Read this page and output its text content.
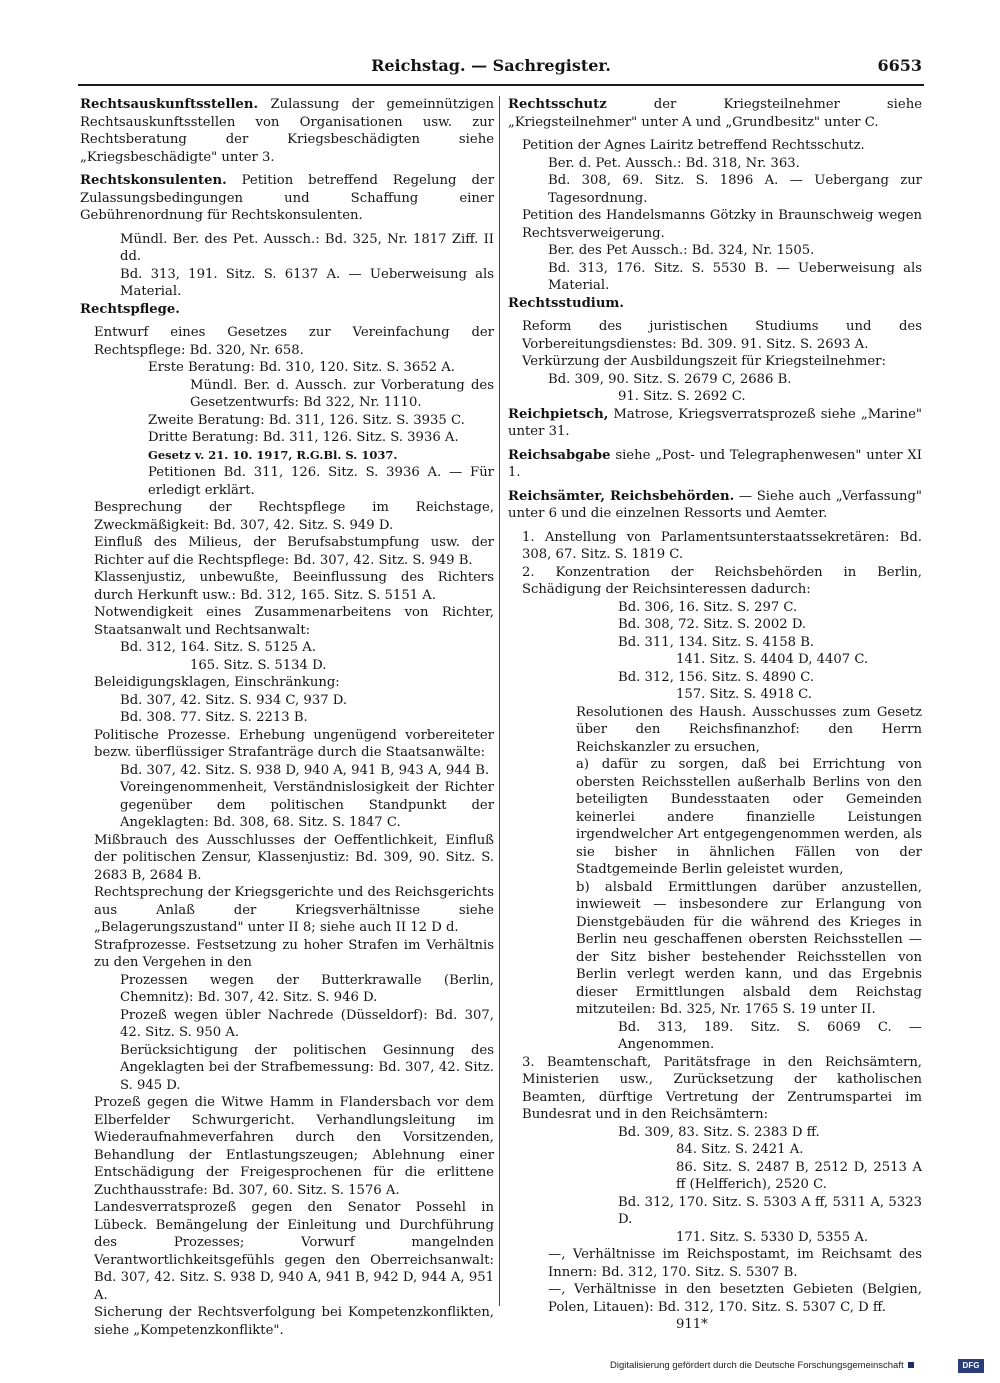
Reichstag. — Sachregister.	6653

Rechtsauskunftsstellen. Zulassung der gemeinnützigen Rechtsauskunftsstellen von Organisationen usw. zur Rechtsberatung der Kriegsbeschädigten siehe „Kriegsbeschädigte" unter 3.

Rechtskonsulenten. Petition betreffend Regelung der Zulassungsbedingungen und Schaffung einer Gebührenordnung für Rechtskonsulenten.

Mündl. Ber. des Pet. Aussch.: Bd. 325, Nr. 1817 Ziff. II dd.

Bd. 313, 191. Sitz. S. 6137 A. — Ueberweisung als Material.

Rechtspflege.

Entwurf eines Gesetzes zur Vereinfachung der Rechtspflege: Bd. 320, Nr. 658.

Erste Beratung: Bd. 310, 120. Sitz. S. 3652 A.

Mündl. Ber. d. Aussch. zur Vorberatung des Gesetzentwurfs: Bd 322, Nr. 1110.

Zweite Beratung: Bd. 311, 126. Sitz. S. 3935 C.

Dritte Beratung: Bd. 311, 126. Sitz. S. 3936 A.

Gesetz v. 21. 10. 1917, R.G.Bl. S. 1037.

Petitionen Bd. 311, 126. Sitz. S. 3936 A. — Für erledigt erklärt.

Besprechung der Rechtspflege im Reichstage, Zweckmäßigkeit: Bd. 307, 42. Sitz. S. 949 D.

Einfluß des Milieus, der Berufsabstumpfung usw. der Richter auf die Rechtspflege: Bd. 307, 42. Sitz. S. 949 B.

Klassenjustiz, unbewußte, Beeinflussung des Richters durch Herkunft usw.: Bd. 312, 165. Sitz. S. 5151 A.

Notwendigkeit eines Zusammenarbeitens von Richter, Staatsanwalt und Rechtsanwalt:

Bd. 312, 164. Sitz. S. 5125 A.

165. Sitz. S. 5134 D.

Beleidigungsklagen, Einschränkung:

Bd. 307, 42. Sitz. S. 934 C, 937 D.

Bd. 308. 77. Sitz. S. 2213 B.

Politische Prozesse. Erhebung ungenügend vorbereiteter bezw. überflüssiger Strafanträge durch die Staatsanwälte:

Bd. 307, 42. Sitz. S. 938 D, 940 A, 941 B, 943 A, 944 B.

Voreingenommenheit, Verständnislosigkeit der Richter gegenüber dem politischen Standpunkt der Angeklagten: Bd. 308, 68. Sitz. S. 1847 C.

Mißbrauch des Ausschlusses der Oeffentlichkeit, Einfluß der politischen Zensur, Klassenjustiz: Bd. 309, 90. Sitz. S. 2683 B, 2684 B.

Rechtsprechung der Kriegsgerichte und des Reichsgerichts aus Anlaß der Kriegsverhältnisse siehe „Belagerungszustand" unter II 8; siehe auch II 12 D d.

Strafprozesse. Festsetzung zu hoher Strafen im Verhältnis zu den Vergehen in den

Prozessen wegen der Butterkrawalle (Berlin, Chemnitz): Bd. 307, 42. Sitz. S. 946 D.

Prozeß wegen übler Nachrede (Düsseldorf): Bd. 307, 42. Sitz. S. 950 A.

Berücksichtigung der politischen Gesinnung des Angeklagten bei der Strafbemessung: Bd. 307, 42. Sitz. S. 945 D.

Prozeß gegen die Witwe Hamm in Flandersbach vor dem Elberfelder Schwurgericht. Verhandlungsleitung im Wiederaufnahmeverfahren durch den Vorsitzenden, Behandlung der Entlastungszeugen; Ablehnung einer Entschädigung der Freigesprochenen für die erlittene Zuchthausstrafe: Bd. 307, 60. Sitz. S. 1576 A.

Landesverratsprozeß gegen den Senator Possehl in Lübeck. Bemängelung der Einleitung und Durchführung des Prozesses; Vorwurf mangelnden Verantwortlichkeitsgefühls gegen den Oberreichsanwalt: Bd. 307, 42. Sitz. S. 938 D, 940 A, 941 B, 942 D, 944 A, 951 A.

Sicherung der Rechtsverfolgung bei Kompetenzkonflikten, siehe „Kompetenzkonflikte".

Rechtsschutz der Kriegsteilnehmer siehe „Kriegsteilnehmer" unter A und „Grundbesitz" unter C.

Petition der Agnes Lairitz betreffend Rechtsschutz.

Ber. d. Pet. Aussch.: Bd. 318, Nr. 363.

Bd. 308, 69. Sitz. S. 1896 A. — Uebergang zur Tagesordnung.

Petition des Handelsmanns Götzky in Braunschweig wegen Rechtsverweigerung.

Ber. des Pet Aussch.: Bd. 324, Nr. 1505.

Bd. 313, 176. Sitz. S. 5530 B. — Ueberweisung als Material.

Rechtsstudium.

Reform des juristischen Studiums und des Vorbereitungsdienstes: Bd. 309. 91. Sitz. S. 2693 A.

Verkürzung der Ausbildungszeit für Kriegsteilnehmer:

Bd. 309, 90. Sitz. S. 2679 C, 2686 B.

91. Sitz. S. 2692 C.

Reichpietsch, Matrose, Kriegsverratsprozeß siehe „Marine" unter 31.

Reichsabgabe siehe „Post- und Telegraphenwesen" unter XI 1.

Reichsämter, Reichsbehörden. — Siehe auch „Verfassung" unter 6 und die einzelnen Ressorts und Aemter.

1. Anstellung von Parlamentsunterstaatssekretären: Bd. 308, 67. Sitz. S. 1819 C.

2. Konzentration der Reichsbehörden in Berlin, Schädigung der Reichsinteressen dadurch:

Bd. 306, 16. Sitz. S. 297 C.

Bd. 308, 72. Sitz. S. 2002 D.

Bd. 311, 134. Sitz. S. 4158 B.

141. Sitz. S. 4404 D, 4407 C.

Bd. 312, 156. Sitz. S. 4890 C.

157. Sitz. S. 4918 C.

Resolutionen des Haush. Ausschusses zum Gesetz über den Reichsfinanzhof: den Herrn Reichskanzler zu ersuchen,

a) dafür zu sorgen, daß bei Errichtung von obersten Reichsstellen außerhalb Berlins von den beteiligten Bundesstaaten oder Gemeinden keinerlei andere finanzielle Leistungen irgendwelcher Art entgegengenommen werden, als sie bisher in ähnlichen Fällen von der Stadtgemeinde Berlin geleistet wurden,

b) alsbald Ermittlungen darüber anzustellen, inwieweit — insbesondere zur Erlangung von Dienstgebäuden für die während des Krieges in Berlin neu geschaffenen obersten Reichsstellen — der Sitz bisher bestehender Reichsstellen von Berlin verlegt werden kann, und das Ergebnis dieser Ermittlungen alsbald dem Reichstag mitzuteilen: Bd. 325, Nr. 1765 S. 19 unter II.

Bd. 313, 189. Sitz. S. 6069 C. — Angenommen.

3. Beamtenschaft, Paritätsfrage in den Reichsämtern, Ministerien usw., Zurücksetzung der katholischen Beamten, dürftige Vertretung der Zentrumspartei im Bundesrat und in den Reichsämtern:

Bd. 309, 83. Sitz. S. 2383 D ff.

84. Sitz. S. 2421 A.

86. Sitz. S. 2487 B, 2512 D, 2513 A ff (Helfferich), 2520 C.

Bd. 312, 170. Sitz. S. 5303 A ff, 5311 A, 5323 D.

171. Sitz. S. 5330 D, 5355 A.

—, Verhältnisse im Reichspostamt, im Reichsamt des Innern: Bd. 312, 170. Sitz. S. 5307 B.

—, Verhältnisse in den besetzten Gebieten (Belgien, Polen, Litauen): Bd. 312, 170. Sitz. S. 5307 C, D ff.

911*

Digitalisierung gefördert durch die Deutsche Forschungsgemeinschaft	DFG
